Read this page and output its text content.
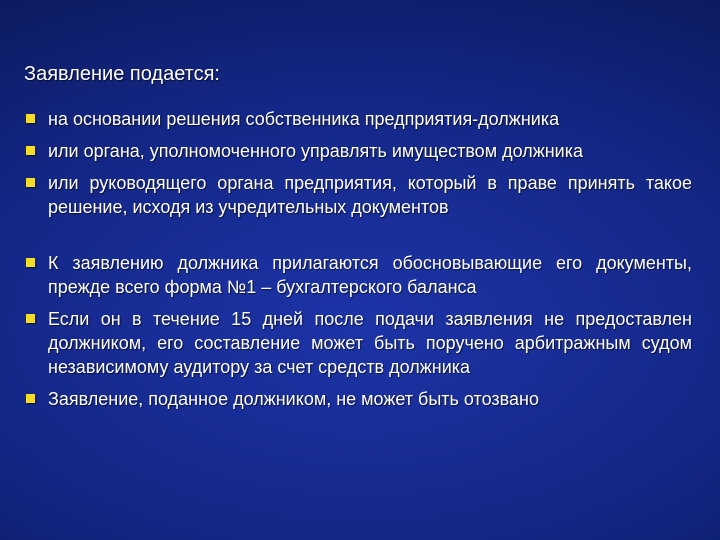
Заявление подается:
на основании решения собственника предприятия-должника
или органа, уполномоченного управлять имуществом должника
или руководящего органа предприятия, который в праве принять такое решение, исходя из учредительных документов
К заявлению должника прилагаются обосновывающие его документы, прежде всего форма №1 – бухгалтерского баланса
Если он в течение 15 дней после подачи заявления не предоставлен должником, его составление может быть поручено арбитражным судом независимому аудитору за счет средств должника
Заявление, поданное должником, не может быть отозвано
